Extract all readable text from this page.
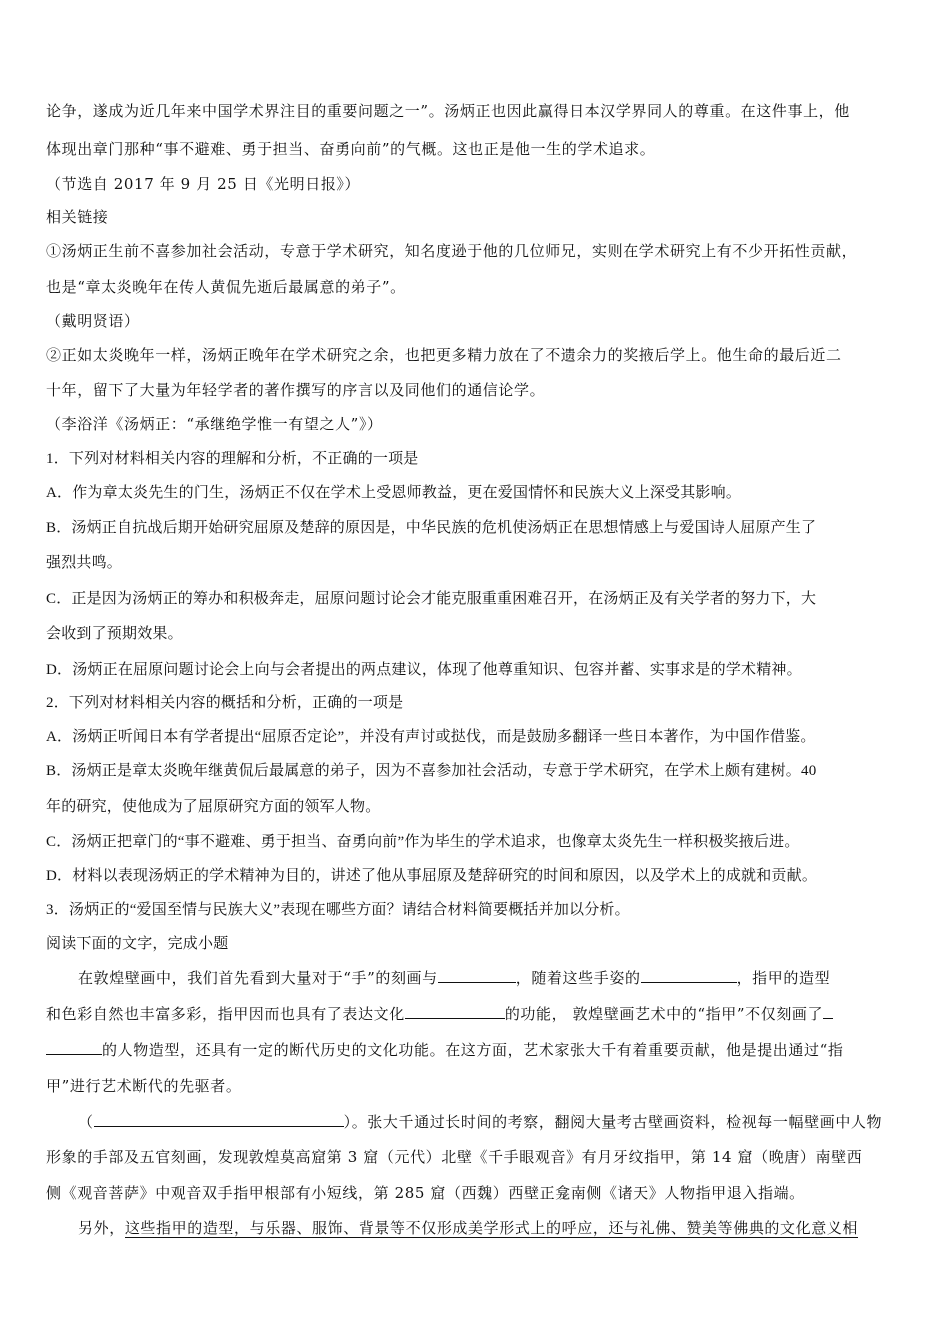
论争，遂成为近几年来中国学术界注目的重要问题之一”。汤炳正也因此赢得日本汉学界同人的尊重。在这件事上，他
体现出章门那种“事不避难、勇于担当、奋勇向前”的气概。这也正是他一生的学术追求。
（节选自 2017 年 9 月 25 日《光明日报》）
相关链接
①汤炳正生前不喜参加社会活动，专意于学术研究，知名度逊于他的几位师兄，实则在学术研究上有不少开拓性贡献，
也是“章太炎晚年在传人黄侃先逝后最属意的弟子”。
（戴明贤语）
②正如太炎晚年一样，汤炳正晚年在学术研究之余，也把更多精力放在了不遗余力的奖掖后学上。他生命的最后近二
十年，留下了大量为年轻学者的著作撰写的序言以及同他们的通信论学。
（李浴洋《汤炳正：“承继绝学惟一有望之人”》）
1．下列对材料相关内容的理解和分析，不正确的一项是
A．作为章太炎先生的门生，汤炳正不仅在学术上受恩师教益，更在爱国情怀和民族大义上深受其影响。
B．汤炳正自抗战后期开始研究屈原及楚辞的原因是，中华民族的危机使汤炳正在思想情感上与爱国诗人屈原产生了
强烈共鸣。
C．正是因为汤炳正的筹办和积极奔走，屈原问题讨论会才能克服重重困难召开，在汤炳正及有关学者的努力下，大
会收到了预期效果。
D．汤炳正在屈原问题讨论会上向与会者提出的两点建议，体现了他尊重知识、包容并蓄、实事求是的学术精神。
2．下列对材料相关内容的概括和分析，正确的一项是
A．汤炳正听闻日本有学者提出“屈原否定论”，并没有声讨或挞伐，而是鼓励多翻译一些日本著作，为中国作借鉴。
B．汤炳正是章太炎晚年继黄侃后最属意的弟子，因为不喜参加社会活动，专意于学术研究，在学术上颇有建树。40
年的研究，使他成为了屈原研究方面的领军人物。
C．汤炳正把章门的“事不避难、勇于担当、奋勇向前”作为毕生的学术追求，也像章太炎先生一样积极奖掖后进。
D．材料以表现汤炳正的学术精神为目的，讲述了他从事屈原及楚辞研究的时间和原因，以及学术上的成就和贡献。
3．汤炳正的“爱国至情与民族大义”表现在哪些方面？请结合材料简要概括并加以分析。
阅读下面的文字，完成小题
在敦煌壁画中，我们首先看到大量对于“手”的刻画与	，随着这些手姿的	，指甲的造型
和色彩自然也丰富多彩，指甲因而也具有了表达文化	的功能， 敦煌壁画艺术中的“指甲”不仅刻画了
的人物造型，还具有一定的断代历史的文化功能。在这方面，艺术家张大千有着重要贡献，他是提出通过“指
甲”进行艺术断代的先驱者。
（	）。张大千通过长时间的考察，翻阅大量考古壁画资料，检视每一幅壁画中人物
形象的手部及五官刻画，发现敦煌莫高窟第 3 窟（元代）北壁《千手眼观音》有月牙纹指甲，第 14 窟（晚唐）南壁西
侧《观音菩萨》中观音双手指甲根部有小短线，第 285 窟（西魏）西壁正龛南侧《诸天》人物指甲退入指端。
另外，这些指甲的造型，与乐器、服饰、背景等不仅形成美学形式上的呼应，还与礼佛、赞美等佛典的文化意义相
